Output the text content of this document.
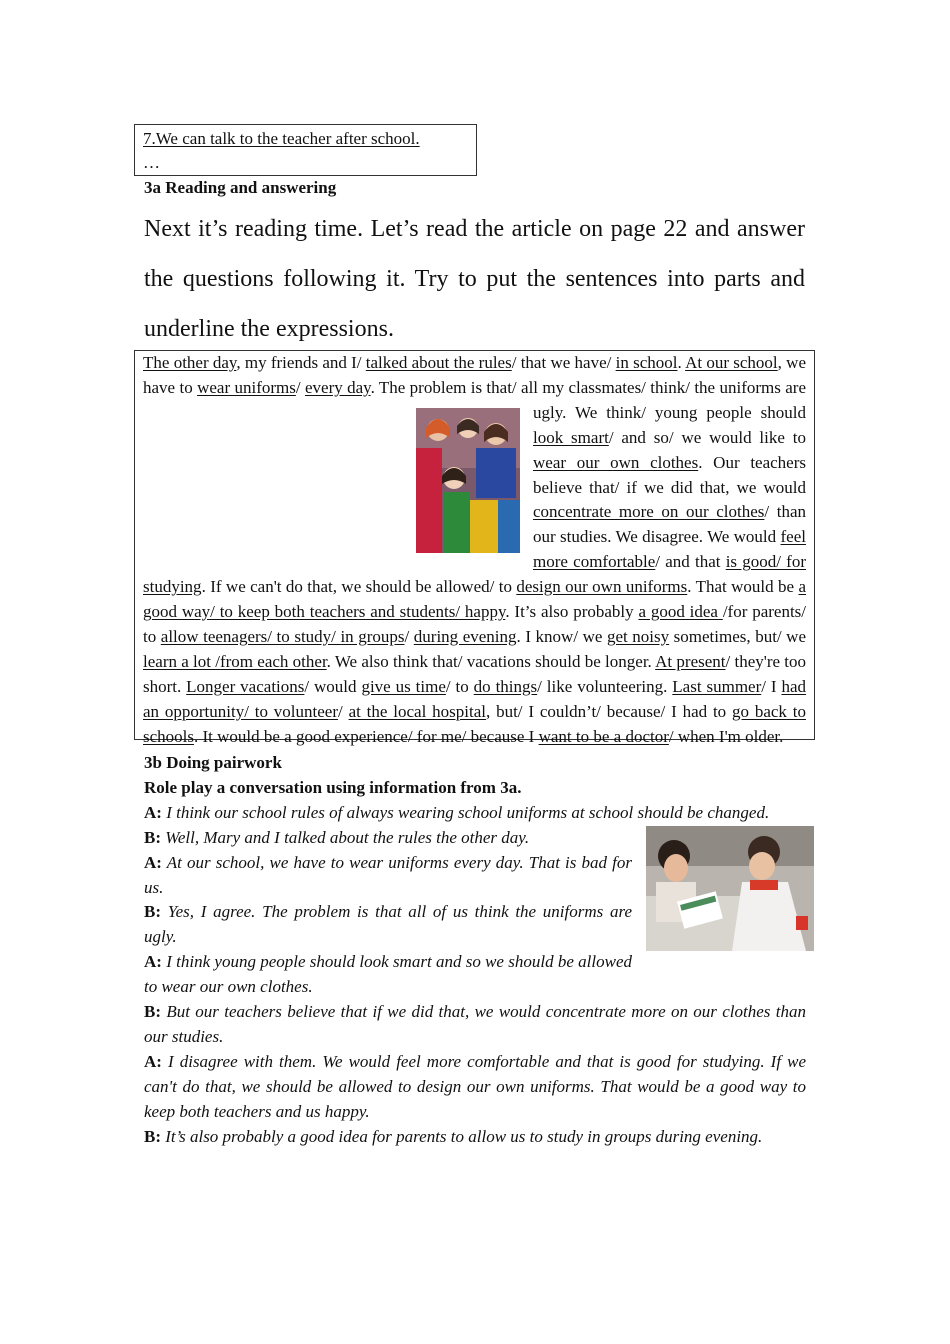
7.We can talk to the teacher after school.
…
3a Reading and answering
Next it’s reading time. Let’s read the article on page 22 and answer the questions following it. Try to put the sentences into parts and underline the expressions.
The other day, my friends and I/ talked about the rules/ that we have/ in school. At our school, we have to wear uniforms/ every day. The problem is that/ all my classmates/ think/ the uniforms are ugly. We think/ young people should look smart/ and so/ we would like to wear our own clothes. Our teachers believe that/ if we did that, we would concentrate more on our clothes/ than our studies. We disagree. We would feel more comfortable/ and that is good/ for studying. If we can't do that, we should be allowed/ to design our own uniforms. That would be a good way/ to keep both teachers and students/ happy. It’s also probably a good idea /for parents/ to allow teenagers/ to study/ in groups/ during evening. I know/ we get noisy sometimes, but/ we learn a lot /from each other. We also think that/ vacations should be longer. At present/ they're too short. Longer vacations/ would give us time/ to do things/ like volunteering. Last summer/ I had an opportunity/ to volunteer/ at the local hospital, but/ I couldn’t/ because/ I had to go back to schools. It would be a good experience/ for me/ because I want to be a doctor/ when I'm older.
3b Doing pairwork
Role play a conversation using information from 3a.

A: I think our school rules of always wearing school uniforms at school should be changed.

B: Well, Mary and I talked about the rules the other day.

A: At our school, we have to wear uniforms every day. That is bad for us.

B: Yes, I agree. The problem is that all of us think the uniforms are ugly.

A: I think young people should look smart and so we should be allowed to wear our own clothes.

B: But our teachers believe that if we did that, we would concentrate more on our clothes than our studies.

A: I disagree with them. We would feel more comfortable and that is good for studying. If we can't do that, we should be allowed to design our own uniforms. That would be a good way to keep both teachers and us happy.

B: It’s also probably a good idea for parents to allow us to study in groups during evening.
